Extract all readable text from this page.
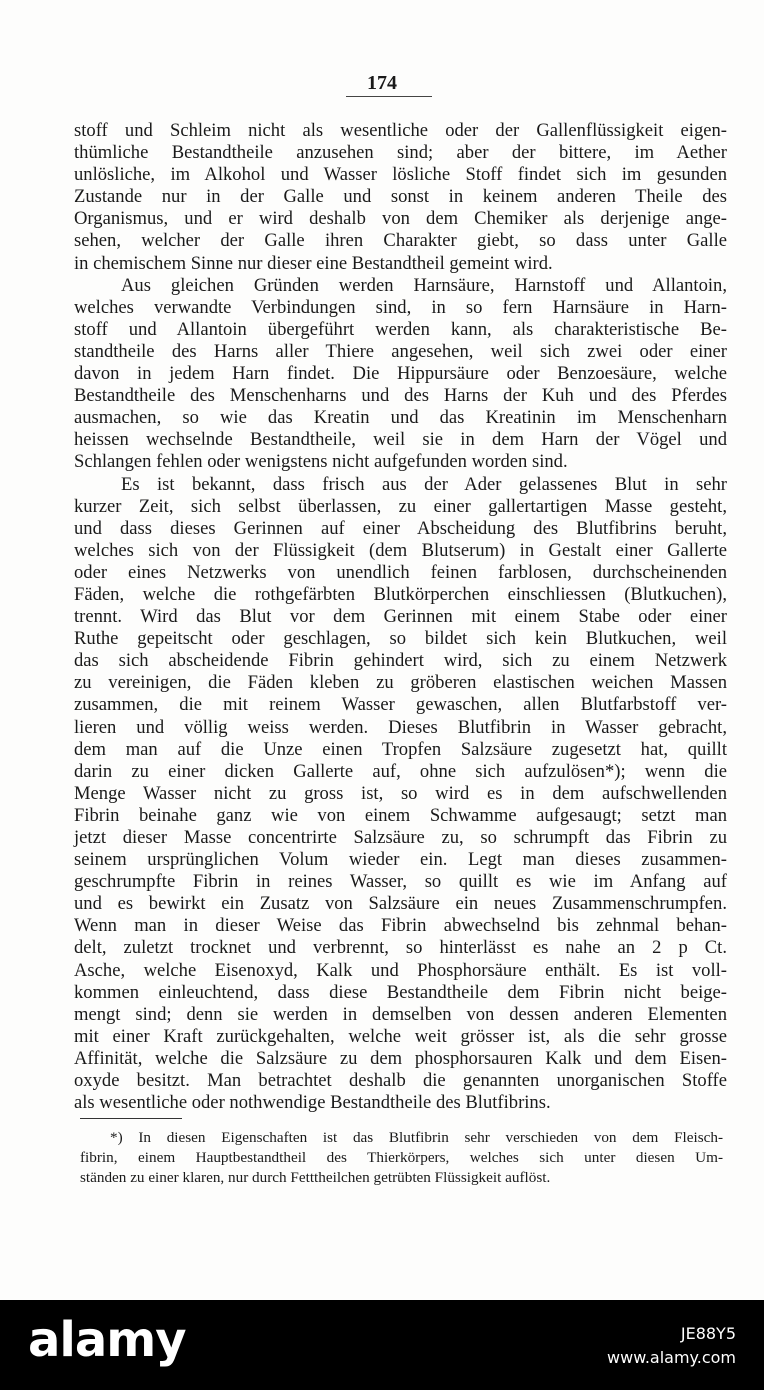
174
stoff und Schleim nicht als wesentliche oder der Gallenflüssigkeit eigen-
thümliche Bestandtheile anzusehen sind; aber der bittere, im Aether
unlösliche, im Alkohol und Wasser lösliche Stoff findet sich im gesunden
Zustande nur in der Galle und sonst in keinem anderen Theile des
Organismus, und er wird deshalb von dem Chemiker als derjenige ange-
sehen, welcher der Galle ihren Charakter giebt, so dass unter Galle
in chemischem Sinne nur dieser eine Bestandtheil gemeint wird.
Aus gleichen Gründen werden Harnsäure, Harnstoff und Allantoin,
welches verwandte Verbindungen sind, in so fern Harnsäure in Harn-
stoff und Allantoin übergeführt werden kann, als charakteristische Be-
standtheile des Harns aller Thiere angesehen, weil sich zwei oder einer
davon in jedem Harn findet. Die Hippursäure oder Benzoesäure, welche
Bestandtheile des Menschenharns und des Harns der Kuh und des Pferdes
ausmachen, so wie das Kreatin und das Kreatinin im Menschenharn
heissen wechselnde Bestandtheile, weil sie in dem Harn der Vögel und
Schlangen fehlen oder wenigstens nicht aufgefunden worden sind.
Es ist bekannt, dass frisch aus der Ader gelassenes Blut in sehr
kurzer Zeit, sich selbst überlassen, zu einer gallertartigen Masse gesteht,
und dass dieses Gerinnen auf einer Abscheidung des Blutfibrins beruht,
welches sich von der Flüssigkeit (dem Blutserum) in Gestalt einer Gallerte
oder eines Netzwerks von unendlich feinen farblosen, durchscheinenden
Fäden, welche die rothgefärbten Blutkörperchen einschliessen (Blutkuchen),
trennt. Wird das Blut vor dem Gerinnen mit einem Stabe oder einer
Ruthe gepeitscht oder geschlagen, so bildet sich kein Blutkuchen, weil
das sich abscheidende Fibrin gehindert wird, sich zu einem Netzwerk
zu vereinigen, die Fäden kleben zu gröberen elastischen weichen Massen
zusammen, die mit reinem Wasser gewaschen, allen Blutfarbstoff ver-
lieren und völlig weiss werden. Dieses Blutfibrin in Wasser gebracht,
dem man auf die Unze einen Tropfen Salzsäure zugesetzt hat, quillt
darin zu einer dicken Gallerte auf, ohne sich aufzulösen*); wenn die
Menge Wasser nicht zu gross ist, so wird es in dem aufschwellenden
Fibrin beinahe ganz wie von einem Schwamme aufgesaugt; setzt man
jetzt dieser Masse concentrirte Salzsäure zu, so schrumpft das Fibrin zu
seinem ursprünglichen Volum wieder ein. Legt man dieses zusammen-
geschrumpfte Fibrin in reines Wasser, so quillt es wie im Anfang auf
und es bewirkt ein Zusatz von Salzsäure ein neues Zusammenschrumpfen.
Wenn man in dieser Weise das Fibrin abwechselnd bis zehnmal behan-
delt, zuletzt trocknet und verbrennt, so hinterlässt es nahe an 2 p Ct.
Asche, welche Eisenoxyd, Kalk und Phosphorsäure enthält. Es ist voll-
kommen einleuchtend, dass diese Bestandtheile dem Fibrin nicht beige-
mengt sind; denn sie werden in demselben von dessen anderen Elementen
mit einer Kraft zurückgehalten, welche weit grösser ist, als die sehr grosse
Affinität, welche die Salzsäure zu dem phosphorsauren Kalk und dem Eisen-
oxyde besitzt. Man betrachtet deshalb die genannten unorganischen Stoffe
als wesentliche oder nothwendige Bestandtheile des Blutfibrins.
*) In diesen Eigenschaften ist das Blutfibrin sehr verschieden von dem Fleisch-
fibrin, einem Hauptbestandtheil des Thierkörpers, welches sich unter diesen Um-
ständen zu einer klaren, nur durch Fetttheilchen getrübten Flüssigkeit auflöst.
alamy	JE88Y5
www.alamy.com
